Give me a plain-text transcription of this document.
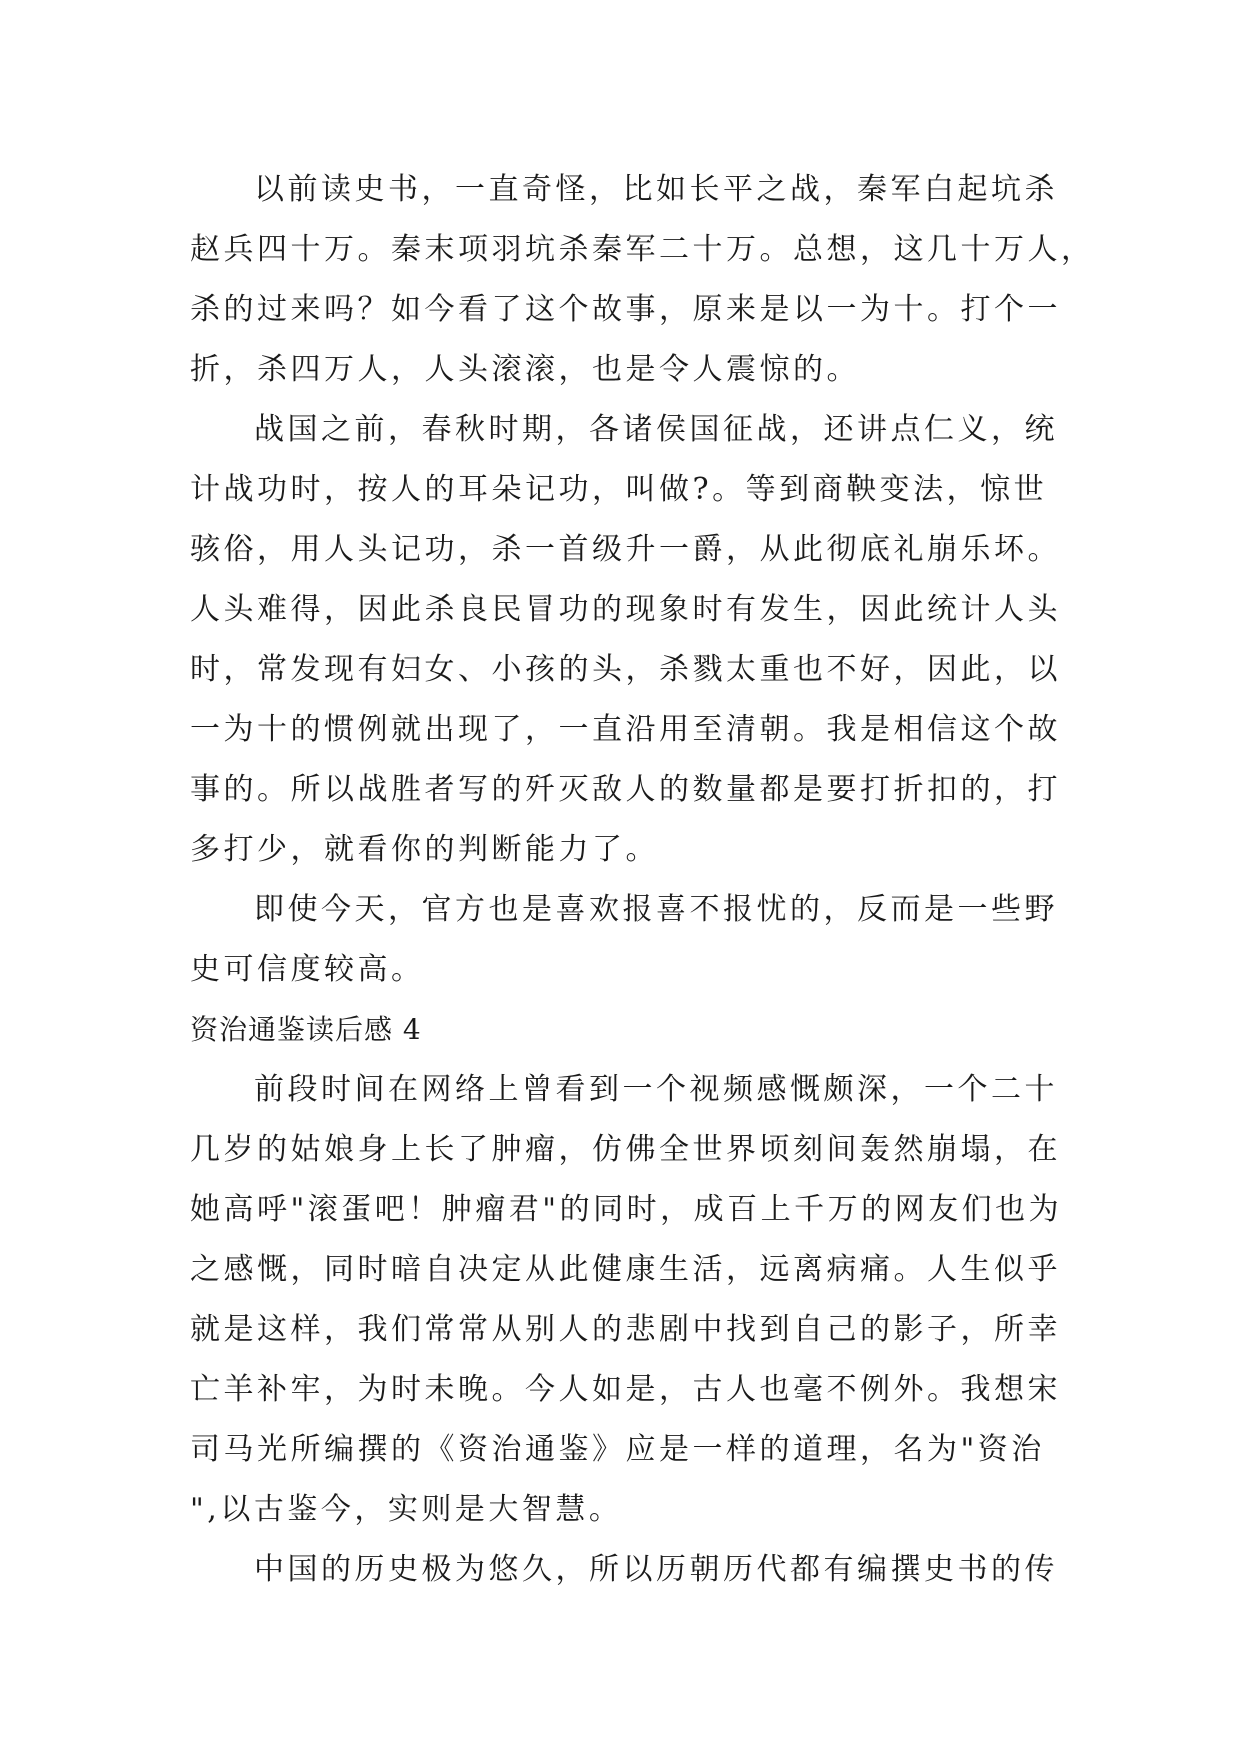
以前读史书，一直奇怪，比如长平之战，秦军白起坑杀
赵兵四十万。秦末项羽坑杀秦军二十万。总想，这几十万人，
杀的过来吗？如今看了这个故事，原来是以一为十。打个一
折，杀四万人，人头滚滚，也是令人震惊的。
战国之前，春秋时期，各诸侯国征战，还讲点仁义，统
计战功时，按人的耳朵记功，叫做?。等到商鞅变法，惊世
骇俗，用人头记功，杀一首级升一爵，从此彻底礼崩乐坏。
人头难得，因此杀良民冒功的现象时有发生，因此统计人头
时，常发现有妇女、小孩的头，杀戮太重也不好，因此，以
一为十的惯例就出现了，一直沿用至清朝。我是相信这个故
事的。所以战胜者写的歼灭敌人的数量都是要打折扣的，打
多打少，就看你的判断能力了。
即使今天，官方也是喜欢报喜不报忧的，反而是一些野
史可信度较高。
资治通鉴读后感 4
前段时间在网络上曾看到一个视频感慨颇深，一个二十
几岁的姑娘身上长了肿瘤，仿佛全世界顷刻间轰然崩塌，在
她高呼"滚蛋吧！肿瘤君"的同时，成百上千万的网友们也为
之感慨，同时暗自决定从此健康生活，远离病痛。人生似乎
就是这样，我们常常从别人的悲剧中找到自己的影子，所幸
亡羊补牢，为时未晚。今人如是，古人也毫不例外。我想宋
司马光所编撰的《资治通鉴》应是一样的道理，名为"资治
",以古鉴今，实则是大智慧。
中国的历史极为悠久，所以历朝历代都有编撰史书的传
